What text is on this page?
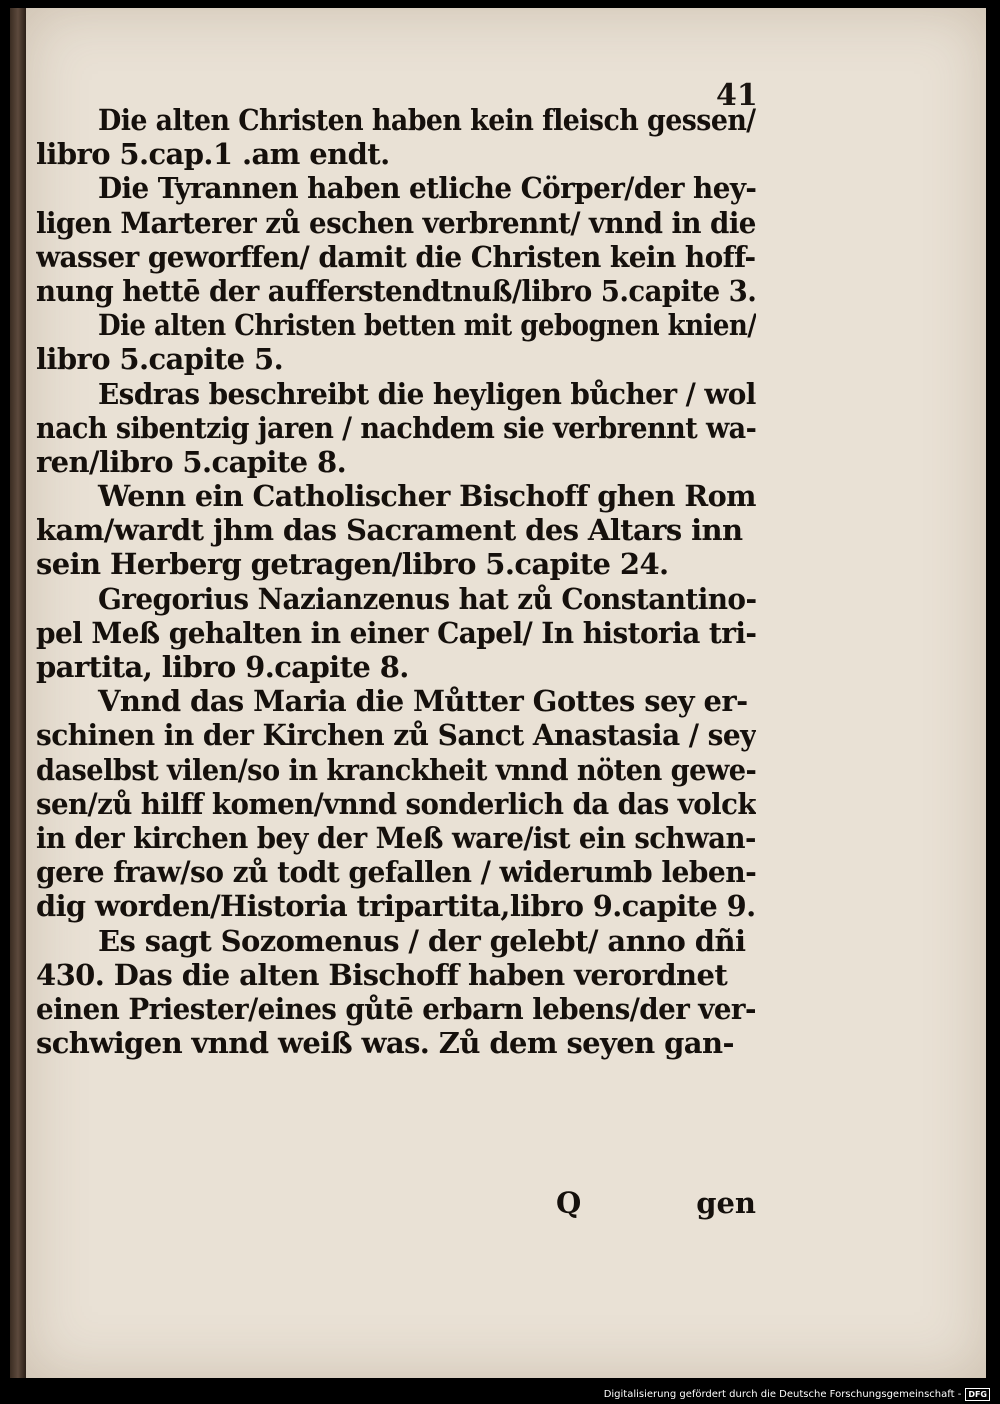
41
Die alten Christen haben kein fleisch gessen/
libro 5.cap.1 .am endt.
Die Tyrannen haben etliche Cörper/der hey-
ligen Marterer zů eschen verbrennt/ vnnd in die
wasser geworffen/ damit die Christen kein hoff-
nung hettē der aufferstendtnuß/libro 5.capite 3.
Die alten Christen betten mit gebognen knien/
libro 5.capite 5.
Esdras beschreibt die heyligen bůcher / wol
nach sibentzig jaren / nachdem sie verbrennt wa-
ren/libro 5.capite 8.
Wenn ein Catholischer Bischoff ghen Rom
kam/wardt jhm das Sacrament des Altars inn
sein Herberg getragen/libro 5.capite 24.
Gregorius Nazianzenus hat zů Constantino-
pel Meß gehalten in einer Capel/ In historia tri-
partita, libro 9.capite 8.
Vnnd das Maria die Můtter Gottes sey er-
schinen in der Kirchen zů Sanct Anastasia / sey
daselbst vilen/so in kranckheit vnnd nöten gewe-
sen/zů hilff komen/vnnd sonderlich da das volck
in der kirchen bey der Meß ware/ist ein schwan-
gere fraw/so zů todt gefallen / widerumb leben-
dig worden/Historia tripartita,libro 9.capite 9.
Es sagt Sozomenus / der gelebt/ anno dñi
430. Das die alten Bischoff haben verordnet
einen Priester/eines gůtē erbarn lebens/der ver-
schwigen vnnd weiß was. Zů dem seyen gan-
Q	gen
Digitalisierung gefördert durch die Deutsche Forschungsgemeinschaft - DFG
